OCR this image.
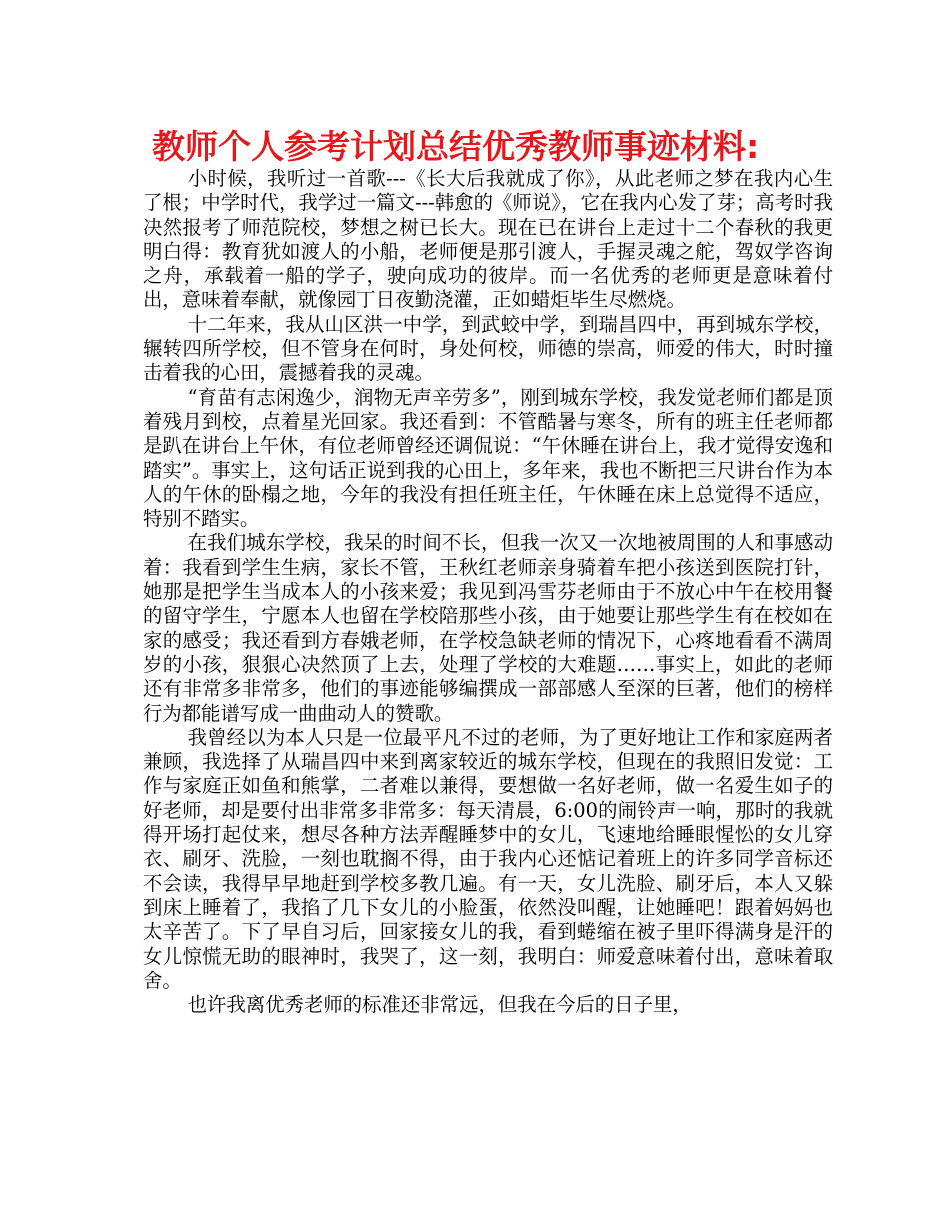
教师个人参考计划总结优秀教师事迹材料:

小时候，我听过一首歌---《长大后我就成了你》，从此老师之梦在我内心生了根；中学时代，我学过一篇文---韩愈的《师说》，它在我内心发了芽；高考时我决然报考了师范院校，梦想之树已长大。现在已在讲台上走过十二个春秋的我更明白得：教育犹如渡人的小船，老师便是那引渡人，手握灵魂之舵，驾奴学咨询之舟，承载着一船的学子，驶向成功的彼岸。而一名优秀的老师更是意味着付出，意味着奉献，就像园丁日夜勤浇灌，正如蜡炬毕生尽燃烧。

十二年来，我从山区洪一中学，到武蛟中学，到瑞昌四中，再到城东学校，辗转四所学校，但不管身在何时，身处何校，师德的崇高，师爱的伟大，时时撞击着我的心田，震撼着我的灵魂。

“育苗有志闲逸少，润物无声辛劳多”，刚到城东学校，我发觉老师们都是顶着残月到校，点着星光回家。我还看到：不管酷暑与寒冬，所有的班主任老师都是趴在讲台上午休，有位老师曾经还调侃说：“午休睡在讲台上，我才觉得安逸和踏实”。事实上，这句话正说到我的心田上，多年来，我也不断把三尺讲台作为本人的午休的卧榻之地，今年的我没有担任班主任，午休睡在床上总觉得不适应，特别不踏实。

在我们城东学校，我呆的时间不长，但我一次又一次地被周围的人和事感动着：我看到学生生病，家长不管，王秋红老师亲身骑着车把小孩送到医院打针，她那是把学生当成本人的小孩来爱；我见到冯雪芬老师由于不放心中午在校用餐的留守学生，宁愿本人也留在学校陪那些小孩，由于她要让那些学生有在校如在家的感受；我还看到方春娥老师，在学校急缺老师的情况下，心疼地看看不满周岁的小孩，狠狠心决然顶了上去，处理了学校的大难题……事实上，如此的老师还有非常多非常多，他们的事迹能够编撰成一部部感人至深的巨著，他们的榜样行为都能谱写成一曲曲动人的赞歌。

我曾经以为本人只是一位最平凡不过的老师，为了更好地让工作和家庭两者兼顾，我选择了从瑞昌四中来到离家较近的城东学校，但现在的我照旧发觉：工作与家庭正如鱼和熊掌，二者难以兼得，要想做一名好老师，做一名爱生如子的好老师，却是要付出非常多非常多：每天清晨，6:00的闹铃声一响，那时的我就得开场打起仗来，想尽各种方法弄醒睡梦中的女儿，飞速地给睡眼惺忪的女儿穿衣、刷牙、洗脸，一刻也耽搁不得，由于我内心还惦记着班上的许多同学音标还不会读，我得早早地赶到学校多教几遍。有一天，女儿洗脸、刷牙后，本人又躲到床上睡着了，我掐了几下女儿的小脸蛋，依然没叫醒，让她睡吧！跟着妈妈也太辛苦了。下了早自习后，回家接女儿的我，看到蜷缩在被子里吓得满身是汗的女儿惊慌无助的眼神时，我哭了，这一刻，我明白：师爱意味着付出，意味着取舍。

也许我离优秀老师的标准还非常远，但我在今后的日子里，
